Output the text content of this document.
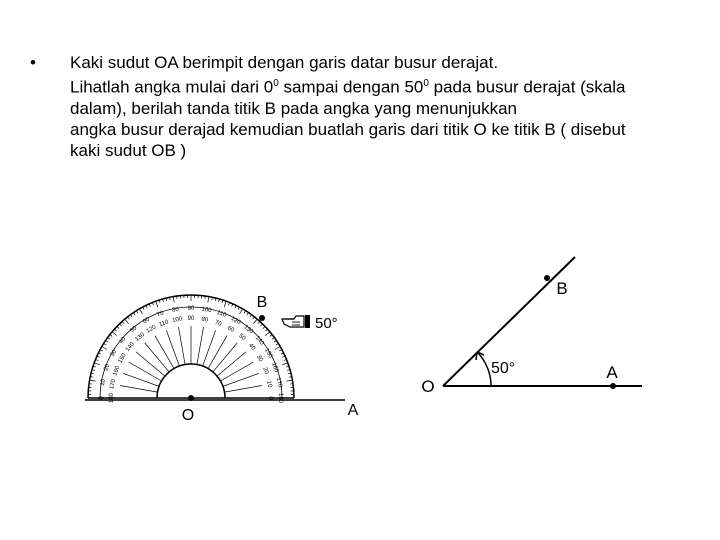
•	Kaki sudut OA berimpit dengan garis datar busur derajat.
Lihatlah angka mulai dari $0^0$ sampai dengan $50^0$ pada busur derajat (skala
dalam), berilah tanda titik B pada angka yang menunjukkan
angka busur derajad kemudian buatlah garis dari titik O ke titik B ( disebut
kaki sudut OB )
0
10
20
30
40
50
60
70
80 90 100 110
120
130
140
150
160
170
180
180
170
160
150
140
130
120
110 100 90 80 70
60
50
40
30
20
10
0
B
O	A
50°
O
A
B
50°
